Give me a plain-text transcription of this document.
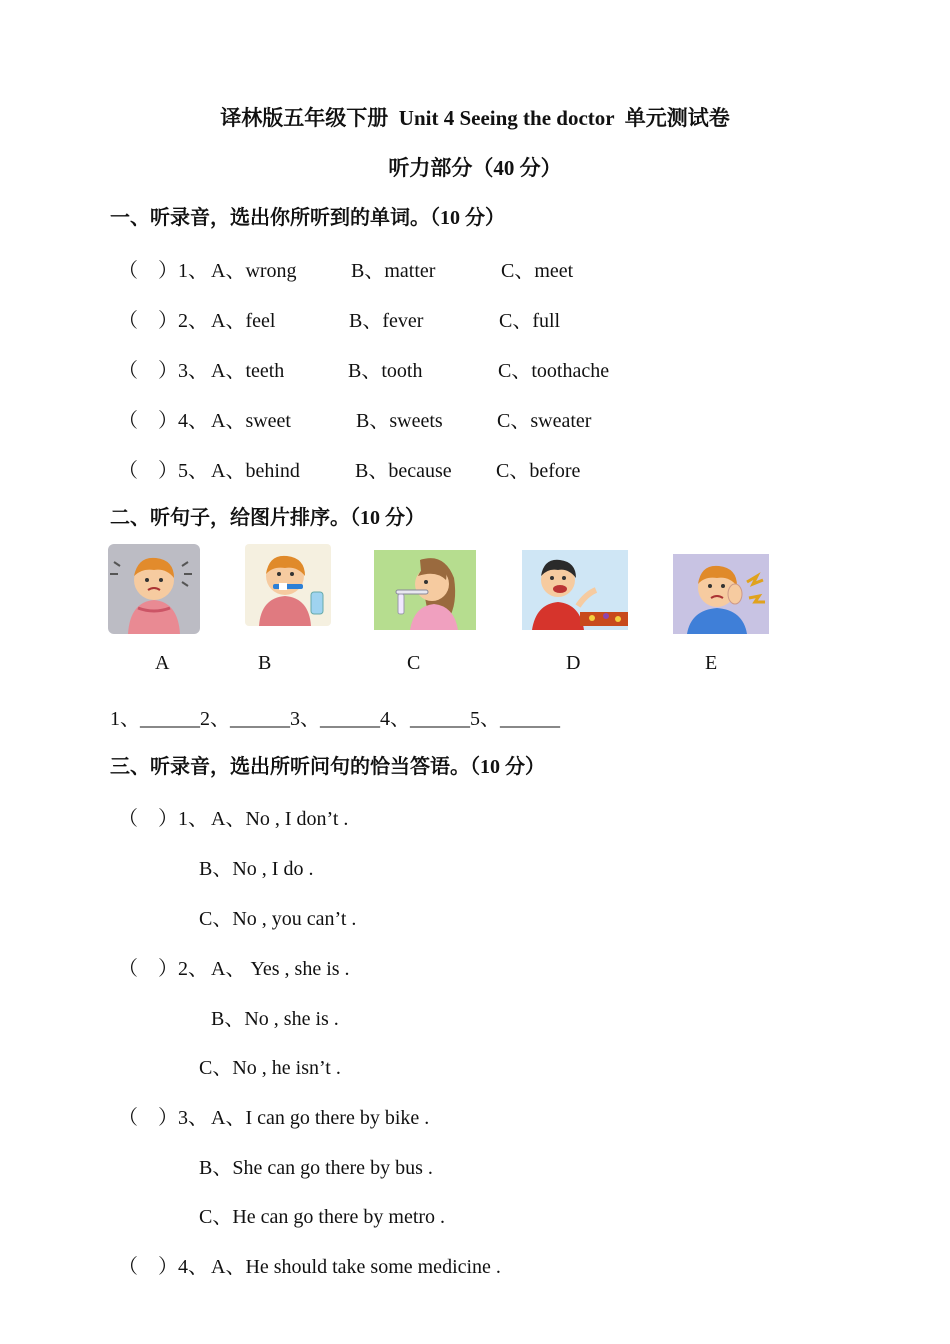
译林版五年级下册  Unit 4 Seeing the doctor  单元测试卷
听力部分（40 分）
一、听录音，选出你所听到的单词。（10 分）
（    ）1、 A、wrong	B、matter	C、meet
（    ）2、 A、feel	B、fever	C、full
（    ）3、 A、teeth	B、tooth	C、toothache
（    ）4、 A、sweet	B、sweets	C、sweater
（    ）5、 A、behind	B、because C、before
二、听句子，给图片排序。（10 分）
A	B	C	D	E
1、______2、______3、______4、______5、______
三、听录音，选出所听问句的恰当答语。（10 分）
（    ）1、 A、No , I don’t .
B、No , I do .
C、No , you can’t .
（    ）2、 A、 Yes , she is .
B、No , she is .
C、No , he isn’t .
（    ）3、 A、I can go there by bike .
B、She can go there by bus .
C、He can go there by metro .
（    ）4、 A、He should take some medicine .
